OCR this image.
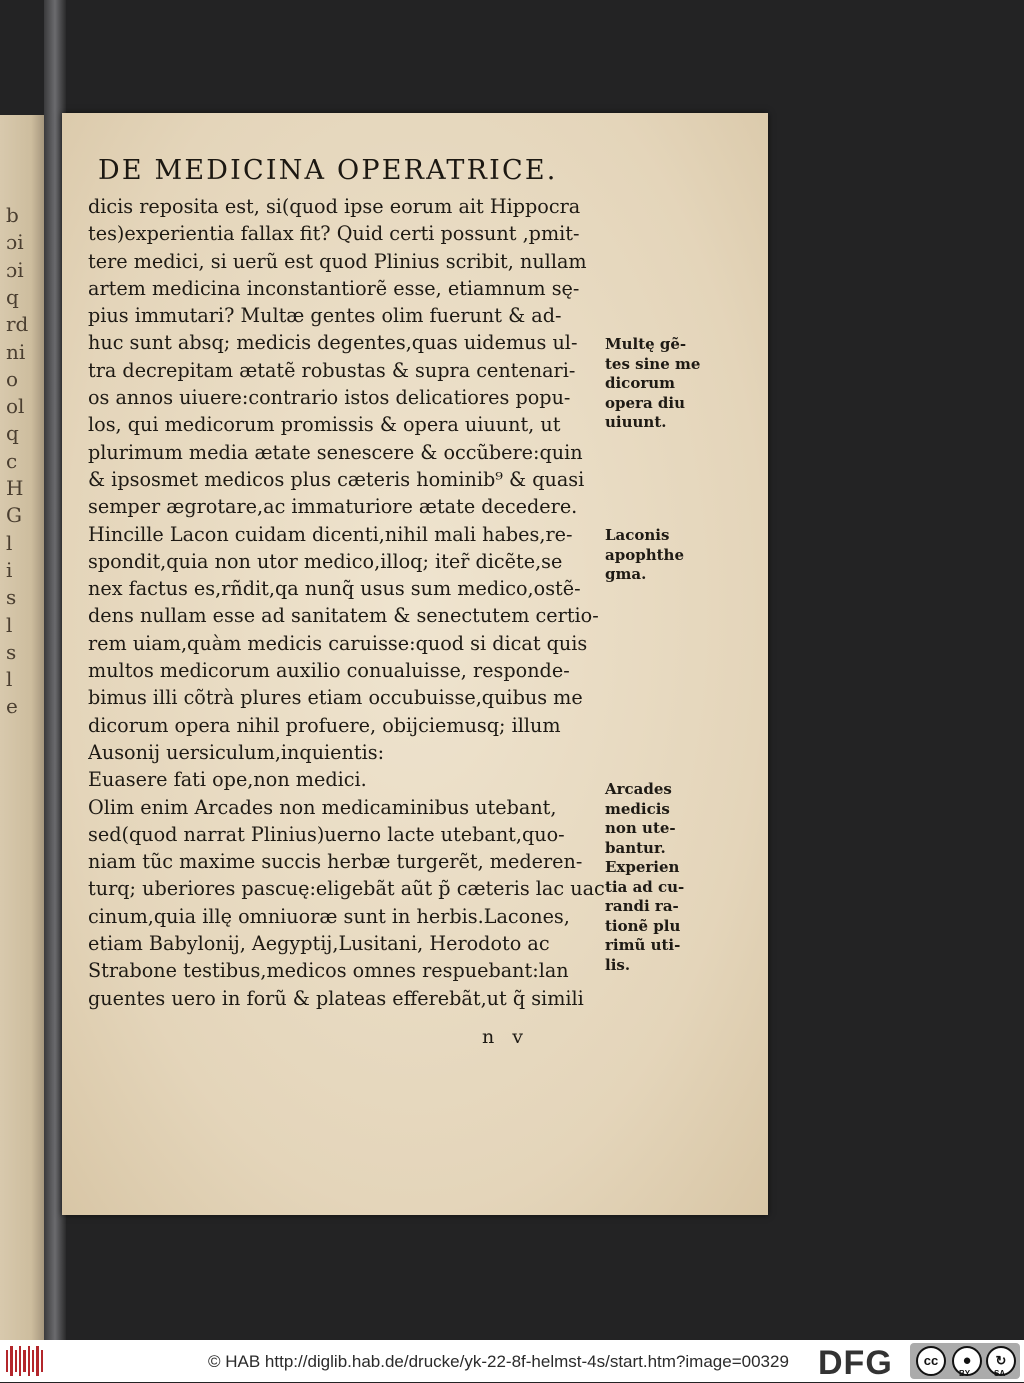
b
ɔi
ɔi
q
rd
ni
o
ol
q
c
H
G
l
i
s
l
s
l
e
DE MEDICINA OPERATRICE.
dicis reposita est, si(quod ipse eorum ait Hippocra
tes)experientia fallax fit? Quid certi possunt ,pmit-
tere medici, si uerũ est quod Plinius scribit, nullam
artem medicina inconstantiorẽ esse, etiamnum sę-
pius immutari? Multæ gentes olim fuerunt & ad-
huc sunt absq; medicis degentes,quas uidemus ul-
tra decrepitam ætatẽ robustas & supra centenari-
os annos uiuere:contrario istos delicatiores popu-
los, qui medicorum promissis & opera uiuunt, ut
plurimum media ætate senescere & occũbere:quin
& ipsosmet medicos plus cæteris hominib⁹ & quasi
semper ægrotare,ac immaturiore ætate decedere.
Hincille Lacon cuidam dicenti,nihil mali habes,re-
spondit,quia non utor medico,illoq; iter̃ dicẽte,se
nex factus es,rñdit,qa nunq̃ usus sum medico,ostẽ-
dens nullam esse ad sanitatem & senectutem certio-
rem uiam,quàm medicis caruisse:quod si dicat quis
multos medicorum auxilio conualuisse, responde-
bimus illi cõtrà plures etiam occubuisse,quibus me
dicorum opera nihil profuere, obijciemusq; illum
Ausonij uersiculum,inquientis:
Euasere fati ope,non medici.
Olim enim Arcades non medicaminibus utebant,
sed(quod narrat Plinius)uerno lacte utebant,quo-
niam tũc maxime succis herbæ turgerẽt, mederen-
turq; uberiores pascuę:eligebãt aũt p̃ cæteris lac uac
cinum,quia illę omniuoræ sunt in herbis.Lacones,
etiam Babylonij, Aegyptij,Lusitani, Herodoto ac
Strabone testibus,medicos omnes respuebant:lan
guentes uero in forũ & plateas efferebãt,ut q̃ simili
Multę gẽ-
tes sine me
dicorum
opera diu
uiuunt.
Laconis
apophthe
gma.
Arcades
medicis
non ute-
bantur.
Experien
tia ad cu-
randi ra-
tionẽ plu
rimũ uti-
lis.
n v
© HAB http://diglib.hab.de/drucke/yk-22-8f-helmst-4s/start.htm?image=00329 DFG	cc	●	↻
BY	SA
